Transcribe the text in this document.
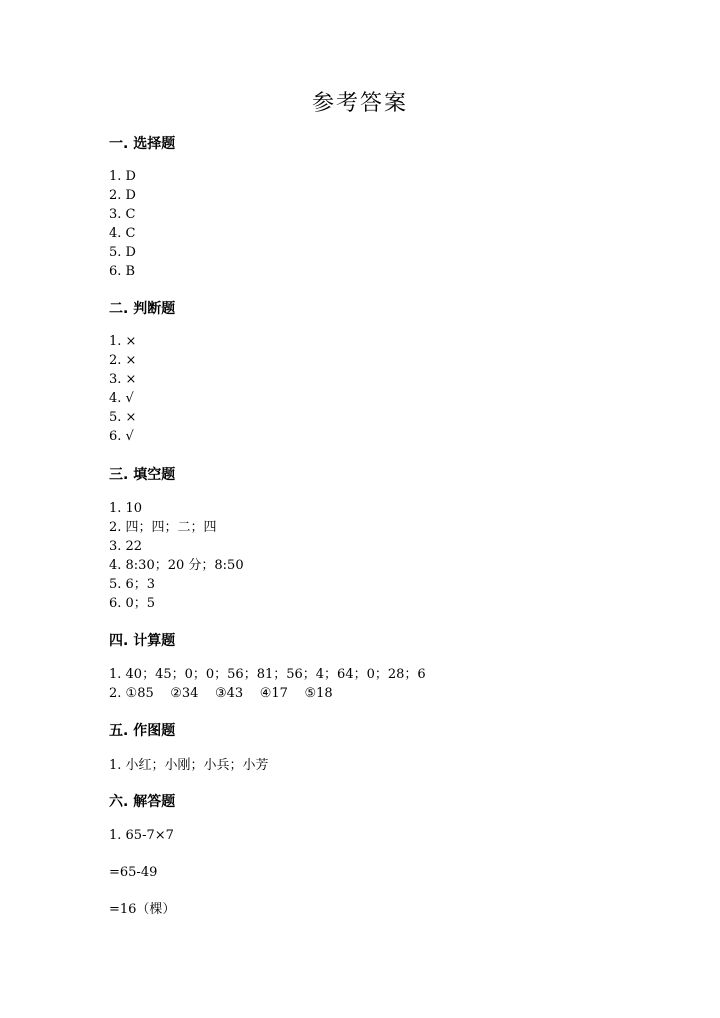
参考答案
一. 选择题
1. D
2. D
3. C
4. C
5. D
6. B
二. 判断题
1. ×
2. ×
3. ×
4. √
5. ×
6. √
三. 填空题
1. 10
2. 四；四；二；四
3. 22
4. 8:30；20 分；8:50
5. 6；3
6. 0；5
四. 计算题
1. 40；45；0；0；56；81；56；4；64；0；28；6
2. ①85    ②34    ③43    ④17    ⑤18
五. 作图题
1. 小红；小刚；小兵；小芳
六. 解答题
1. 65-7×7
=65-49
=16（棵）
